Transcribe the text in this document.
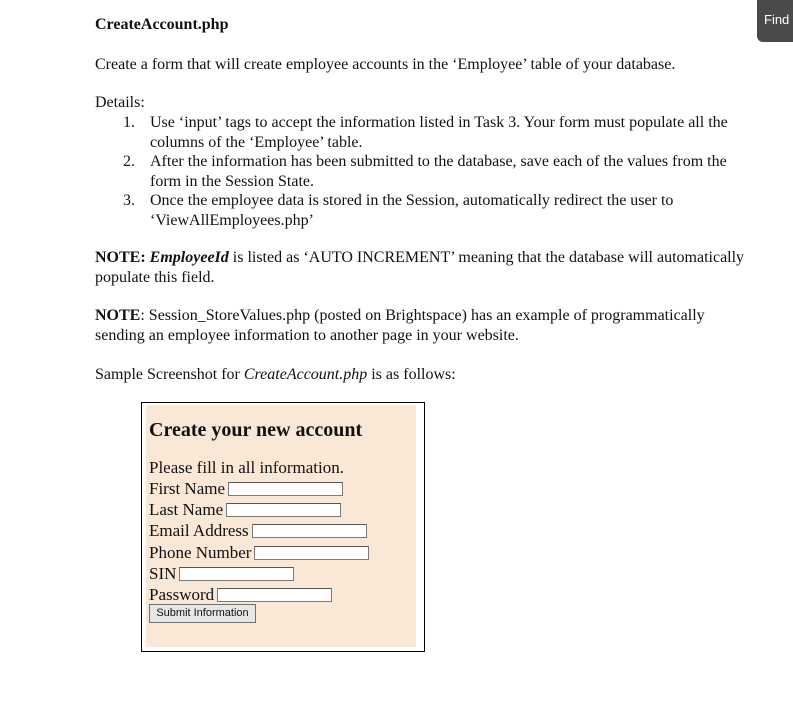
Find
CreateAccount.php
Create a form that will create employee accounts in the ‘Employee’ table of your database.
Details:
1. Use ‘input’ tags to accept the information listed in Task 3. Your form must populate all the columns of the ‘Employee’ table.
2. After the information has been submitted to the database, save each of the values from the form in the Session State.
3. Once the employee data is stored in the Session, automatically redirect the user to ‘ViewAllEmployees.php’
NOTE: EmployeeId is listed as ‘AUTO INCREMENT’ meaning that the database will automatically populate this field.
NOTE: Session_StoreValues.php (posted on Brightspace) has an example of programmatically sending an employee information to another page in your website.
Sample Screenshot for CreateAccount.php is as follows:
Create your new account
Please fill in all information.
First Name
Last Name
Email Address
Phone Number
SIN
Password
Submit Information
